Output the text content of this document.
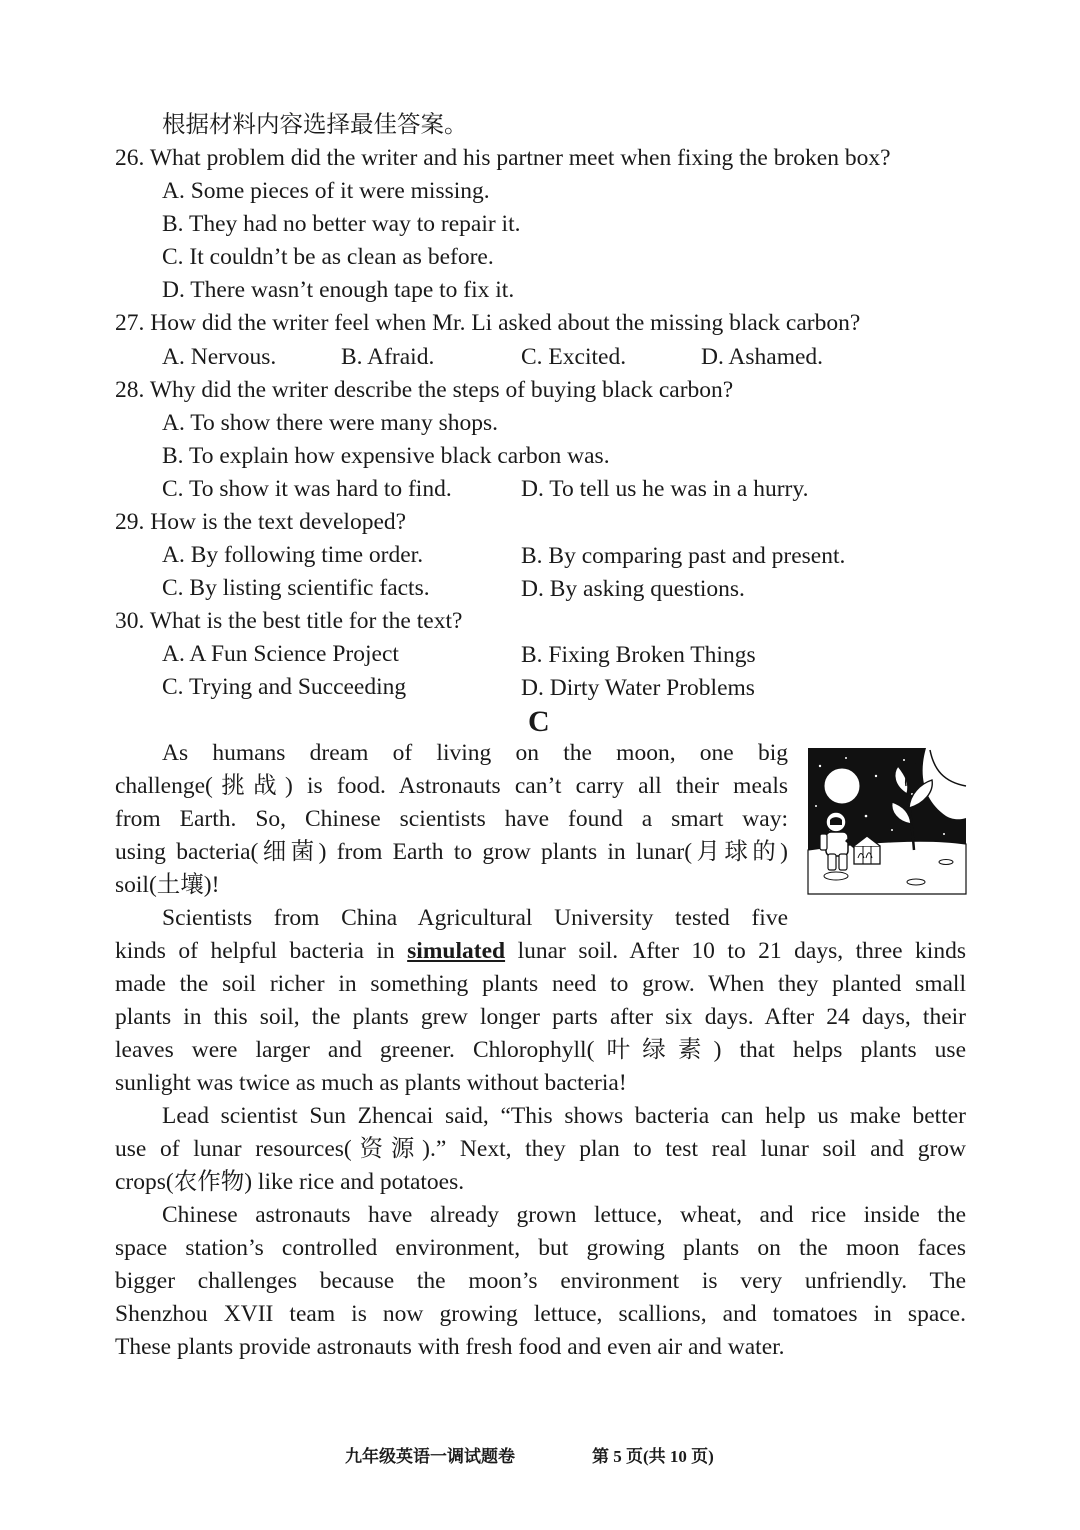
根据材料内容选择最佳答案。
26. What problem did the writer and his partner meet when fixing the broken box?
A. Some pieces of it were missing.
B. They had no better way to repair it.
C. It couldn’t be as clean as before.
D. There wasn’t enough tape to fix it.
27. How did the writer feel when Mr. Li asked about the missing black carbon?
A. Nervous.	B. Afraid.	C. Excited.	D. Ashamed.
28. Why did the writer describe the steps of buying black carbon?
A. To show there were many shops.
B. To explain how expensive black carbon was.
C. To show it was hard to find.	D. To tell us he was in a hurry.
29. How is the text developed?
A. By following time order.	B. By comparing past and present.
C. By listing scientific facts.	D. By asking questions.
30. What is the best title for the text?
A. A Fun Science Project	B. Fixing Broken Things
C. Trying and Succeeding	D. Dirty Water Problems
C
As humans dream of living on the moon, one big
challenge(挑战) is food. Astronauts can’t carry all their meals
from Earth. So, Chinese scientists have found a smart way:
using bacteria(细菌) from Earth to grow plants in lunar(月球的)
soil(土壤)!
Scientists from China Agricultural University tested five
kinds of helpful bacteria in simulated lunar soil. After 10 to 21 days, three kinds
made the soil richer in something plants need to grow. When they planted small
plants in this soil, the plants grew longer parts after six days. After 24 days, their
leaves were larger and greener. Chlorophyll(叶绿素) that helps plants use
sunlight was twice as much as plants without bacteria!
Lead scientist Sun Zhencai said, “This shows bacteria can help us make better
use of lunar resources(资源).” Next, they plan to test real lunar soil and grow
crops(农作物) like rice and potatoes.
Chinese astronauts have already grown lettuce, wheat, and rice inside the
space station’s controlled environment, but growing plants on the moon faces
bigger challenges because the moon’s environment is very unfriendly. The
Shenzhou XVII team is now growing lettuce, scallions, and tomatoes in space.
These plants provide astronauts with fresh food and even air and water.
九年级英语一调试题卷	第 5 页(共 10 页)
